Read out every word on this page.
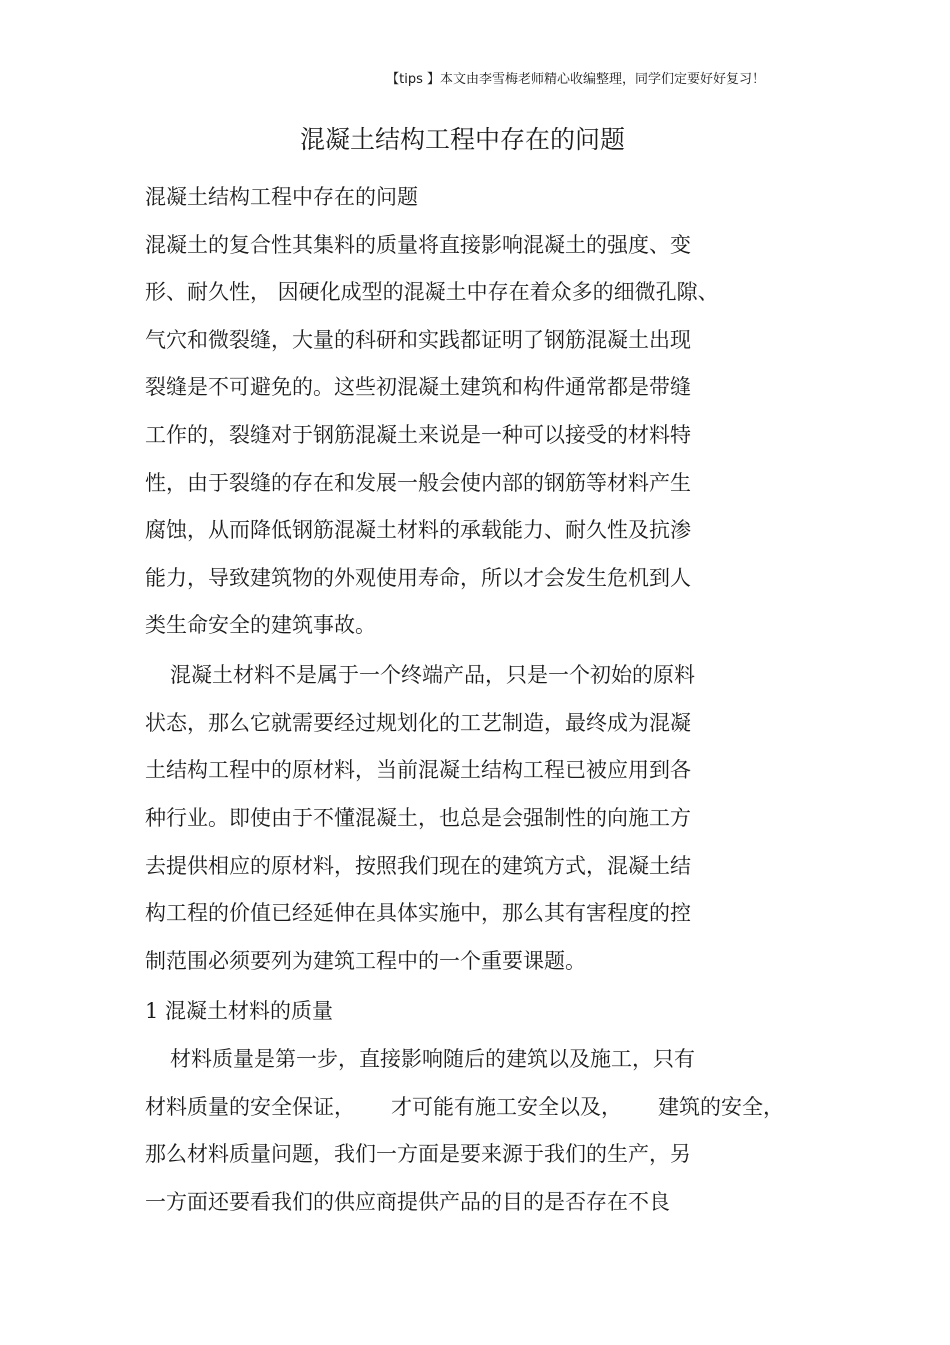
【tips 】本文由李雪梅老师精心收编整理，同学们定要好好复习！
混凝土结构工程中存在的问题
混凝土结构工程中存在的问题
混凝土的复合性其集料的质量将直接影响混凝土的强度、变
形、耐久性， 因硬化成型的混凝土中存在着众多的细微孔隙、
气穴和微裂缝，大量的科研和实践都证明了钢筋混凝土出现
裂缝是不可避免的。这些初混凝土建筑和构件通常都是带缝
工作的，裂缝对于钢筋混凝土来说是一种可以接受的材料特
性，由于裂缝的存在和发展一般会使内部的钢筋等材料产生
腐蚀，从而降低钢筋混凝土材料的承载能力、耐久性及抗渗
能力，导致建筑物的外观使用寿命，所以才会发生危机到人
类生命安全的建筑事故。
混凝土材料不是属于一个终端产品，只是一个初始的原料
状态，那么它就需要经过规划化的工艺制造，最终成为混凝
土结构工程中的原材料，当前混凝土结构工程已被应用到各
种行业。即使由于不懂混凝土，也总是会强制性的向施工方
去提供相应的原材料，按照我们现在的建筑方式，混凝土结
构工程的价值已经延伸在具体实施中，那么其有害程度的控
制范围必须要列为建筑工程中的一个重要课题。
1 混凝土材料的质量
材料质量是第一步，直接影响随后的建筑以及施工，只有
材料质量的安全保证， 才可能有施工安全以及， 建筑的安全，
那么材料质量问题，我们一方面是要来源于我们的生产，另
一方面还要看我们的供应商提供产品的目的是否存在不良
